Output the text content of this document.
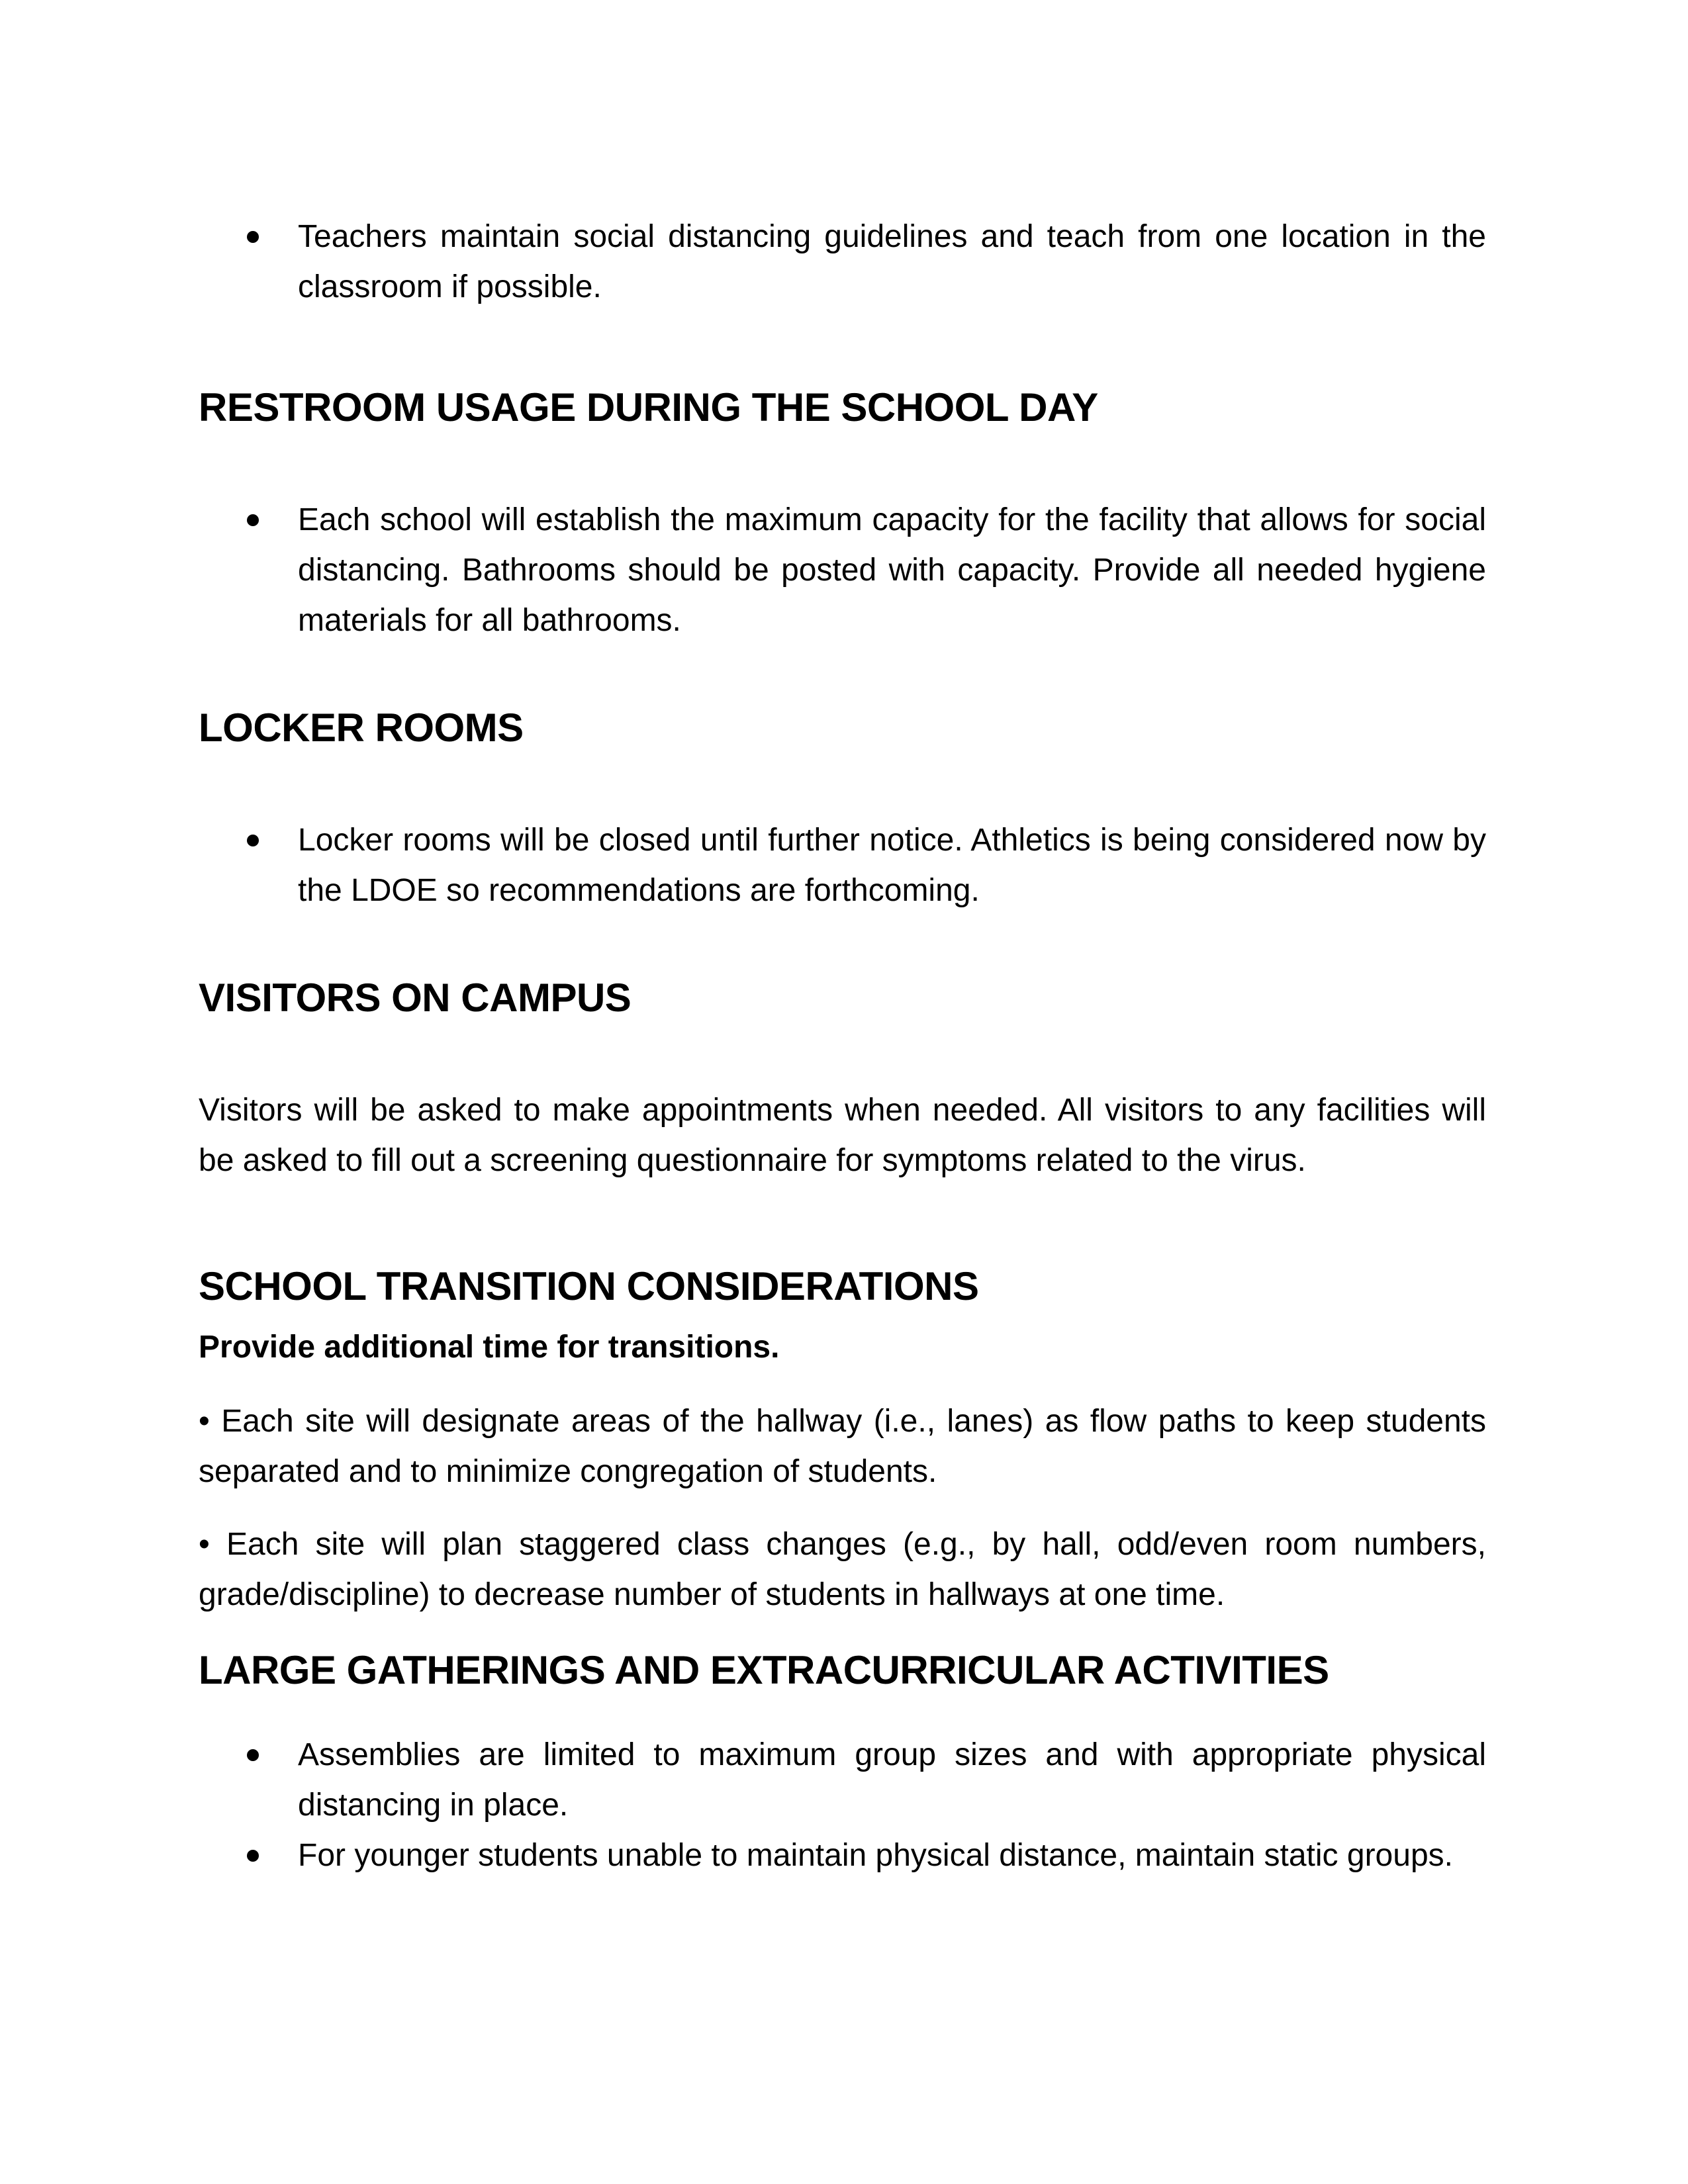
Teachers maintain social distancing guidelines and teach from one location in the classroom if possible.
RESTROOM USAGE DURING THE SCHOOL DAY
Each school will establish the maximum capacity for the facility that allows for social distancing. Bathrooms should be posted with capacity. Provide all needed hygiene materials for all bathrooms.
LOCKER ROOMS
Locker rooms will be closed until further notice. Athletics is being considered now by the LDOE so recommendations are forthcoming.
VISITORS ON CAMPUS

Visitors will be asked to make appointments when needed. All visitors to any facilities will be asked to fill out a screening questionnaire for symptoms related to the virus.

SCHOOL TRANSITION CONSIDERATIONS

Provide additional time for transitions.

• Each site will designate areas of the hallway (i.e., lanes) as flow paths to keep students separated and to minimize congregation of students.

• Each site will plan staggered class changes (e.g., by hall, odd/even room numbers, grade/discipline) to decrease number of students in hallways at one time.

LARGE GATHERINGS AND EXTRACURRICULAR ACTIVITIES
Assemblies are limited to maximum group sizes and with appropriate physical distancing in place.
For younger students unable to maintain physical distance, maintain static groups.
